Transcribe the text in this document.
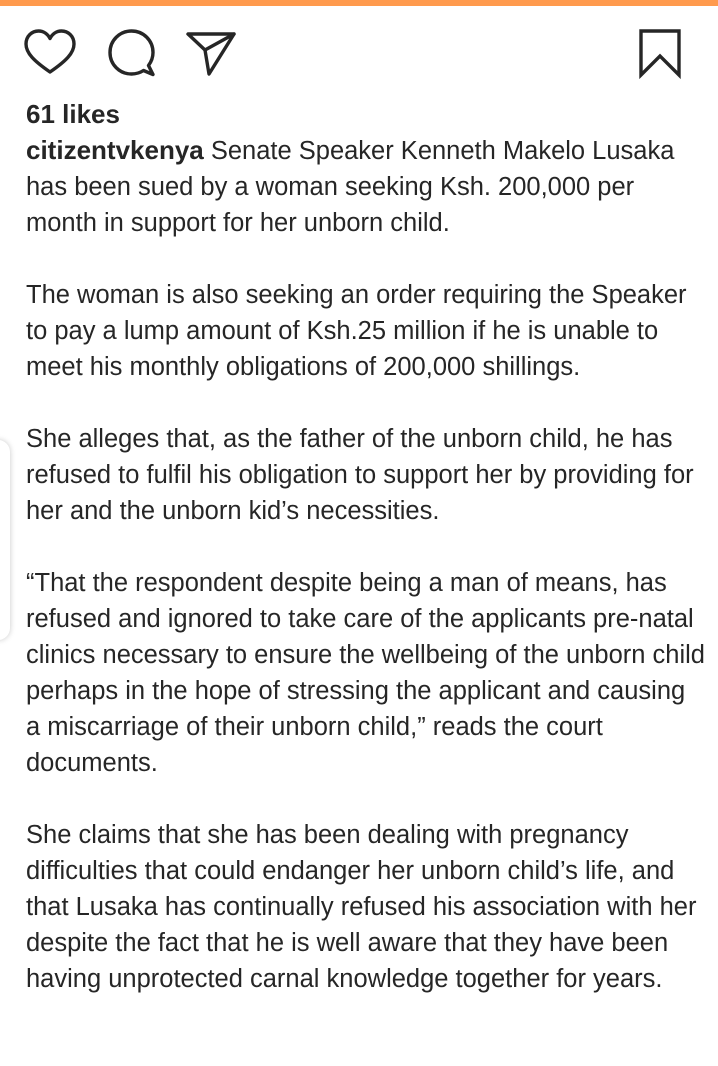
61 likes

citizentvkenya Senate Speaker Kenneth Makelo Lusaka has been sued by a woman seeking Ksh. 200,000 per month in support for her unborn child.

The woman is also seeking an order requiring the Speaker to pay a lump amount of Ksh.25 million if he is unable to meet his monthly obligations of 200,000 shillings.

She alleges that, as the father of the unborn child, he has refused to fulfil his obligation to support her by providing for her and the unborn kid’s necessities.

“That the respondent despite being a man of means, has refused and ignored to take care of the applicants pre-natal clinics necessary to ensure the wellbeing of the unborn child perhaps in the hope of stressing the applicant and causing a miscarriage of their unborn child,” reads the court documents.

She claims that she has been dealing with pregnancy difficulties that could endanger her unborn child’s life, and that Lusaka has continually refused his association with her despite the fact that he is well aware that they have been having unprotected carnal knowledge together for years.
